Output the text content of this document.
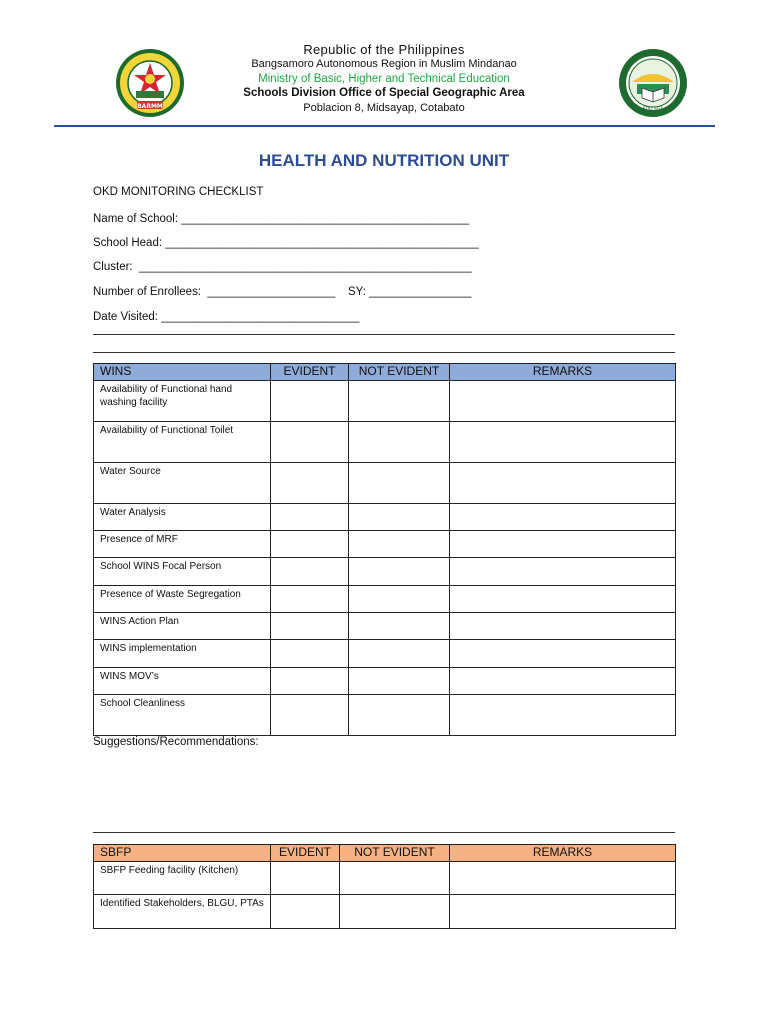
BARMM
Republic of the Philippines
Bangsamoro Autonomous Region in Muslim Mindanao
Ministry of Basic, Higher and Technical Education
Schools Division Office of Special Geographic Area
Poblacion 8, Midsayap, Cotabato	SDO SGA
HEALTH AND NUTRITION UNIT
OKD MONITORING CHECKLIST
Name of School: _____________________________________________
School Head: _________________________________________________
Cluster:  ____________________________________________________
Number of Enrollees:  ____________________ SY: ________________
Date Visited: _______________________________
WINS	EVIDENT	NOT EVIDENT	REMARKS
Availability of Functional hand washing facility			
Availability of Functional Toilet			
Water Source			
Water Analysis			
Presence of MRF			
School WINS Focal Person			
Presence of Waste Segregation			
WINS Action Plan			
WINS implementation			
WINS MOV’s			
School Cleanliness			
Suggestions/Recommendations:
SBFP	EVIDENT	NOT EVIDENT	REMARKS
SBFP Feeding facility (Kitchen)			
Identified Stakeholders, BLGU, PTAs			
